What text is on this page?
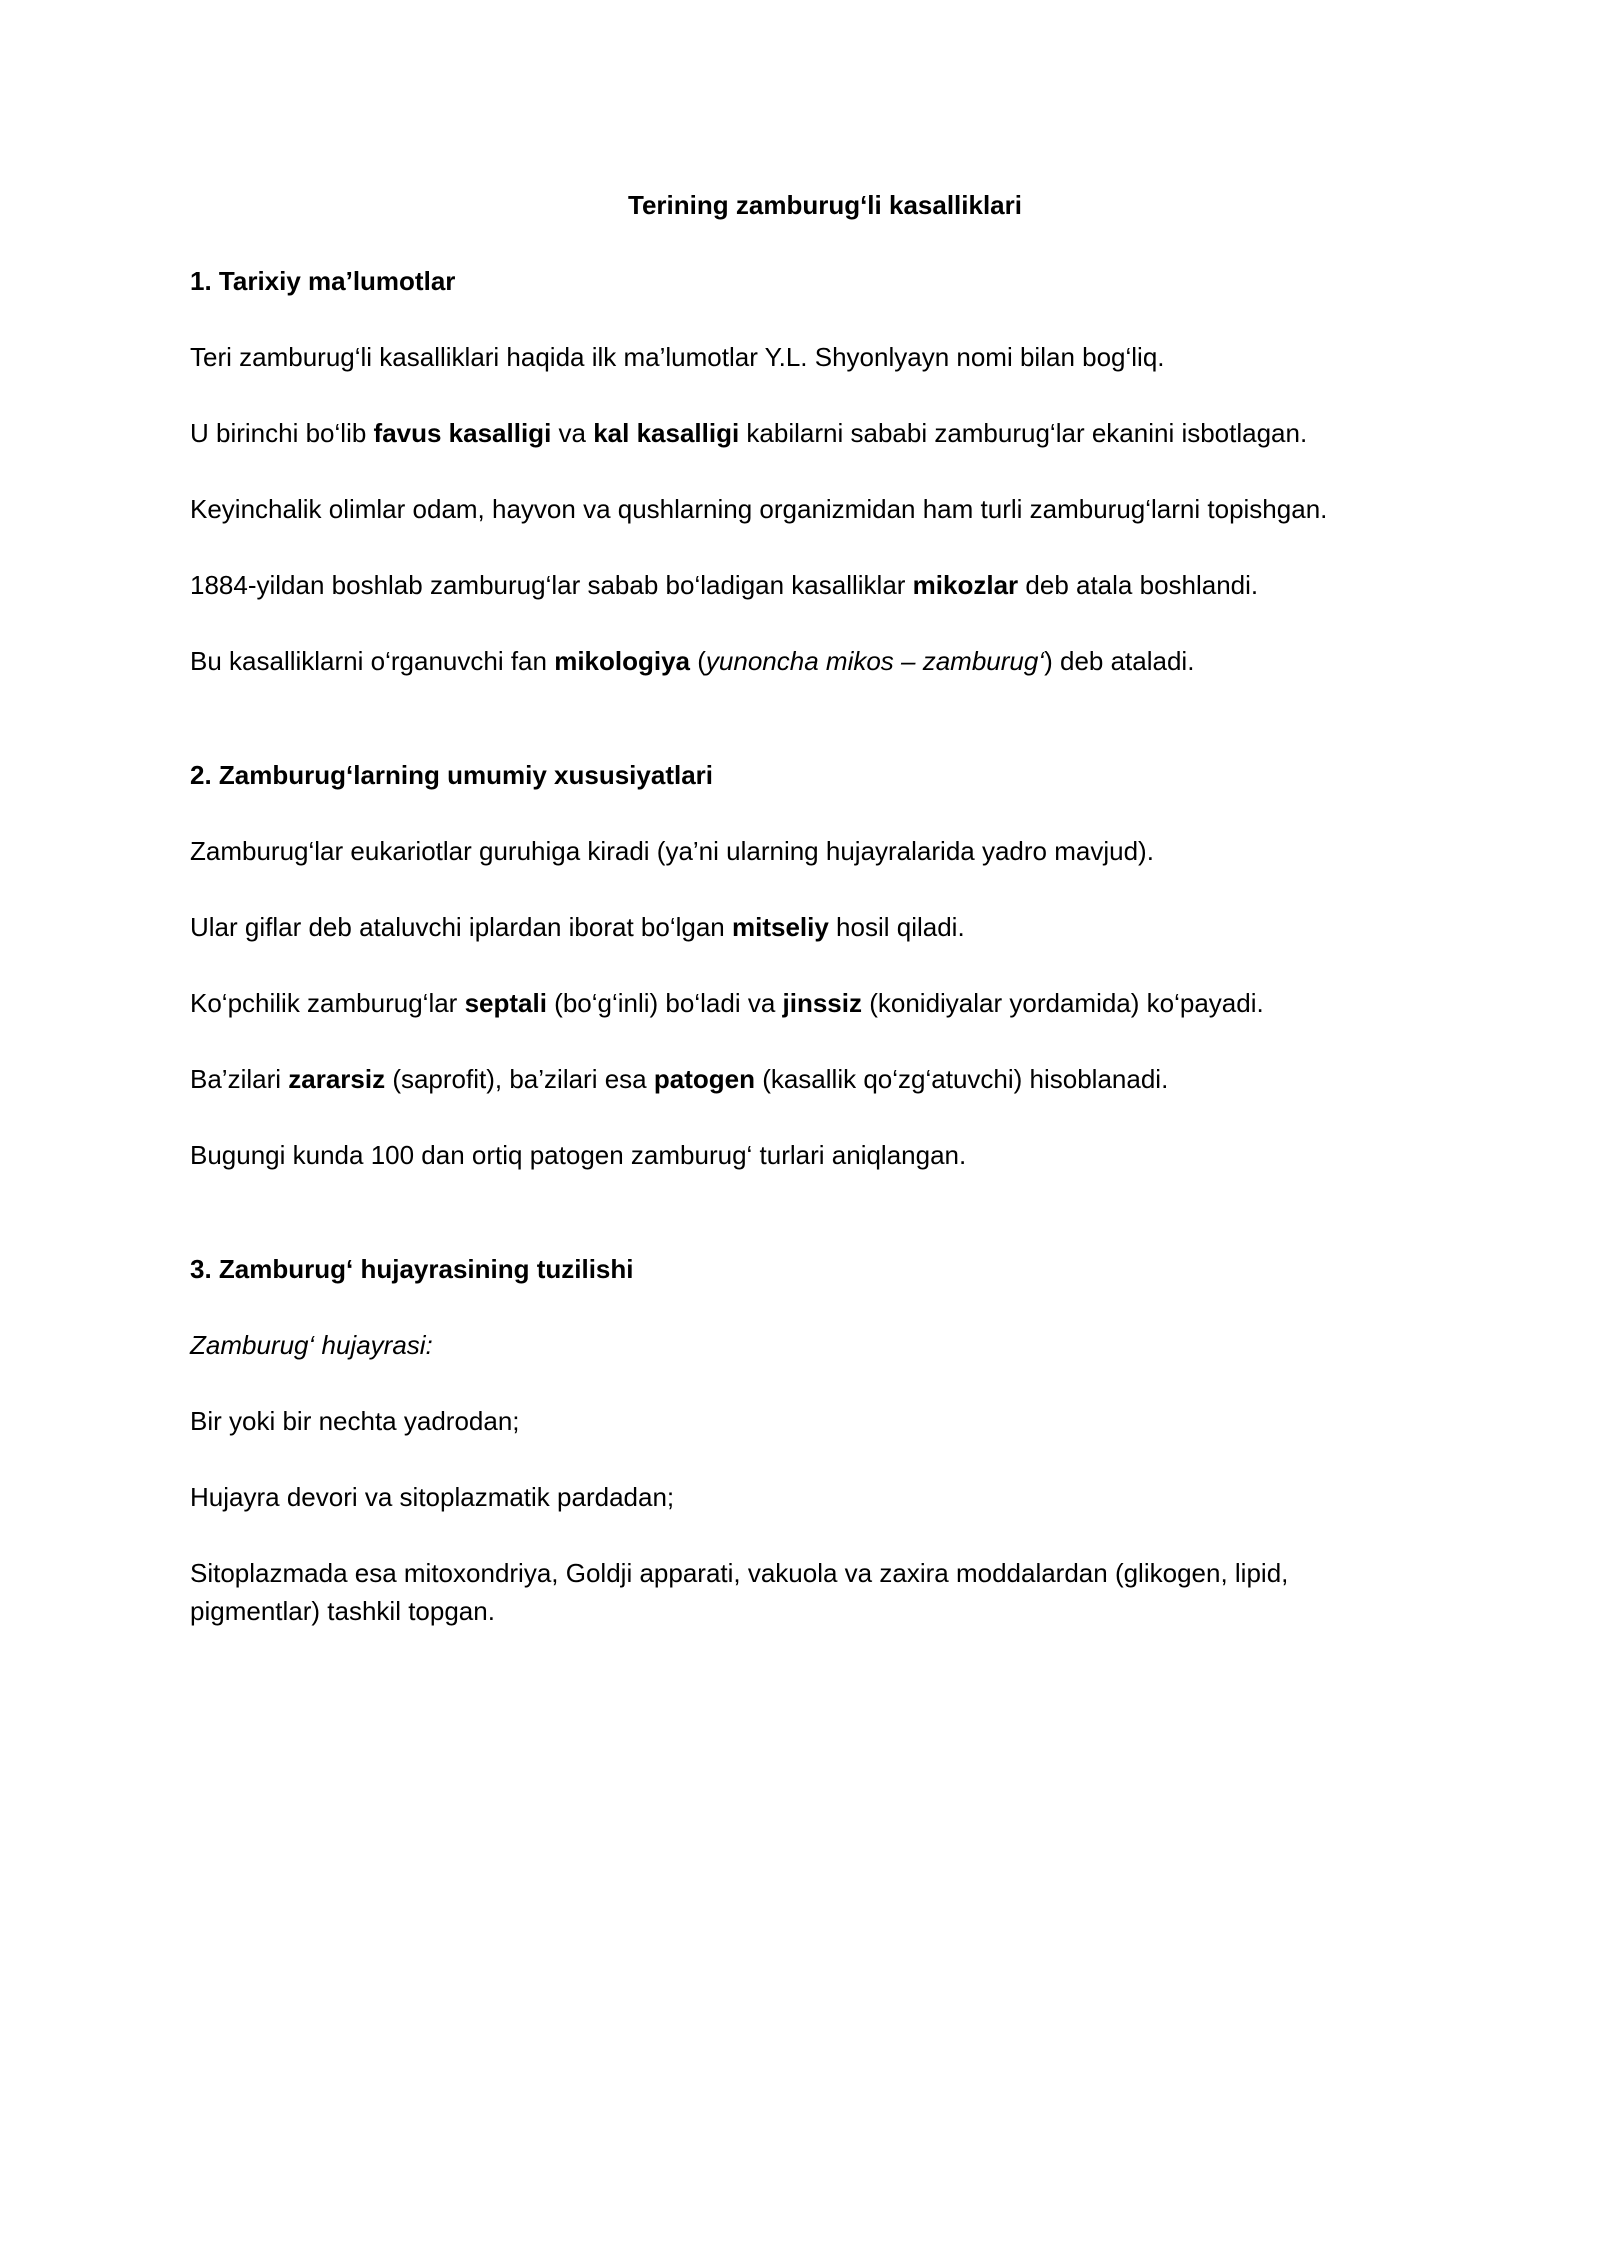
Terining zamburug‘li kasalliklari
1. Tarixiy ma’lumotlar

Teri zamburug‘li kasalliklari haqida ilk ma’lumotlar Y.L. Shyonlyayn nomi bilan bog‘liq.

U birinchi bo‘lib favus kasalligi va kal kasalligi kabilarni sababi zamburug‘lar ekanini isbotlagan.

Keyinchalik olimlar odam, hayvon va qushlarning organizmidan ham turli zamburug‘larni topishgan.

1884-yildan boshlab zamburug‘lar sabab bo‘ladigan kasalliklar mikozlar deb atala boshlandi.

Bu kasalliklarni o‘rganuvchi fan mikologiya (yunoncha mikos – zamburug‘) deb ataladi.

2. Zamburug‘larning umumiy xususiyatlari

Zamburug‘lar eukariotlar guruhiga kiradi (ya’ni ularning hujayralarida yadro mavjud).

Ular giflar deb ataluvchi iplardan iborat bo‘lgan mitseliy hosil qiladi.

Ko‘pchilik zamburug‘lar septali (bo‘g‘inli) bo‘ladi va jinssiz (konidiyalar yordamida) ko‘payadi.

Ba’zilari zararsiz (saprofit), ba’zilari esa patogen (kasallik qo‘zg‘atuvchi) hisoblanadi.

Bugungi kunda 100 dan ortiq patogen zamburug‘ turlari aniqlangan.

3. Zamburug‘ hujayrasining tuzilishi

Zamburug‘ hujayrasi:

Bir yoki bir nechta yadrodan;

Hujayra devori va sitoplazmatik pardadan;

Sitoplazmada esa mitoxondriya, Goldji apparati, vakuola va zaxira moddalardan (glikogen, lipid, pigmentlar) tashkil topgan.
